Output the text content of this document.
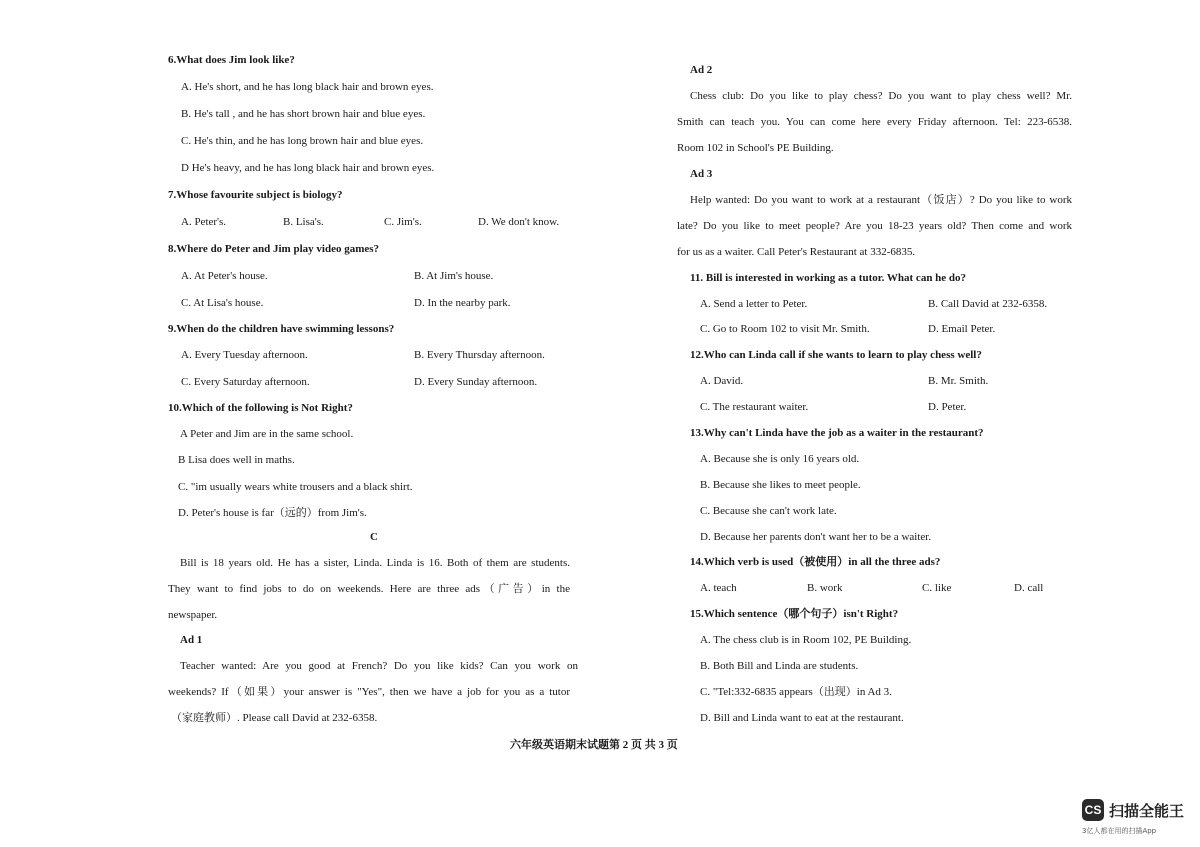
6.What does Jim look like?
A. He's short, and he has long black hair and brown eyes.
B. He's tall , and he has short brown hair and blue eyes.
C. He's thin, and he has long brown hair and blue eyes.
D He's heavy, and he has long black hair and brown eyes.
7.Whose favourite subject is biology?
A. Peter's.	B. Lisa's.	C. Jim's.	D. We don't know.
8.Where do Peter and Jim play video games?
A. At Peter's house.	B. At Jim's house.
C. At Lisa's house.	D. In the nearby park.
9.When do the children have swimming lessons?
A. Every Tuesday afternoon.	B. Every Thursday afternoon.
C. Every Saturday afternoon.	D. Every Sunday afternoon.
10.Which of the following is Not Right?
A Peter and Jim are in the same school.
B Lisa does well in maths.
C. "im usually wears white trousers and a black shirt.
D. Peter's house is far（远的）from Jim's.
C
Bill is 18 years old. He has a sister, Linda. Linda is 16. Both of them are students.
They want to find jobs to do on weekends. Here are three ads（广告）in the
newspaper.
Ad 1
Teacher wanted: Are you good at French? Do you like kids? Can you work on
weekends? If（如果）your answer is "Yes", then we have a job for you as a tutor
（家庭教师）. Please call David at 232-6358.
Ad 2
Chess club: Do you like to play chess? Do you want to play chess well? Mr.
Smith can teach you. You can come here every Friday afternoon. Tel: 223-6538.
Room 102 in School's PE Building.
Ad 3
Help wanted: Do you want to work at a restaurant（饭店）? Do you like to work
late? Do you like to meet people? Are you 18-23 years old? Then come and work
for us as a waiter. Call Peter's Restaurant at 332-6835.
11. Bill is interested in working as a tutor. What can he do?
A. Send a letter to Peter.	B. Call David at 232-6358.
C. Go to Room 102 to visit Mr. Smith.	D. Email Peter.
12.Who can Linda call if she wants to learn to play chess well?
A. David.	B. Mr. Smith.
C. The restaurant waiter.	D. Peter.
13.Why can't Linda have the job as a waiter in the restaurant?
A. Because she is only 16 years old.
B. Because she likes to meet people.
C. Because she can't work late.
D. Because her parents don't want her to be a waiter.
14.Which verb is used（被使用）in all the three ads?
A. teach	B. work	C. like	D. call
15.Which sentence（哪个句子）isn't Right?
A. The chess club is in Room 102, PE Building.
B. Both Bill and Linda are students.
C. "Tel:332-6835 appears（出现）in Ad 3.
D. Bill and Linda want to eat at the restaurant.
六年级英语期末试题第 2 页 共 3 页
CS 扫描全能王
3亿人都在用的扫描App
